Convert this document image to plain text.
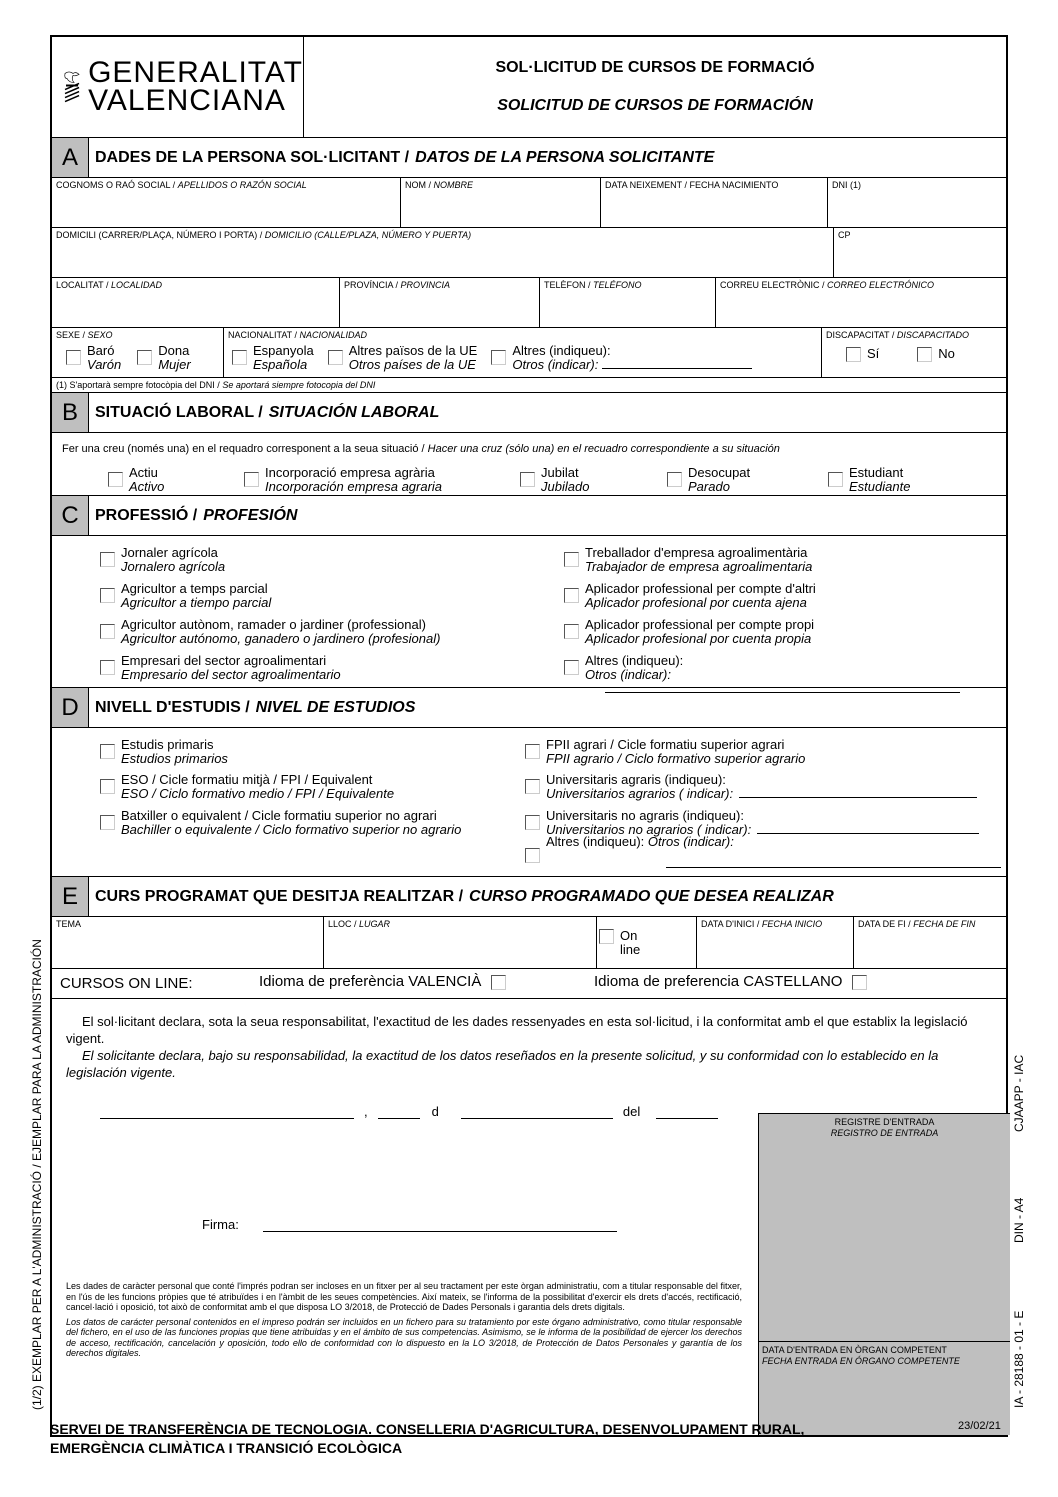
(1/2) EXEMPLAR PER A L'ADMINISTRACIÓ / EJEMPLAR PARA LA ADMINISTRACIÓN	CJAAPP - IAC
DIN - A4
IA - 28188 - 01 - E
GENERALITAT
VALENCIANA
SOL·LICITUD DE CURSOS DE FORMACIÓ
SOLICITUD DE CURSOS DE FORMACIÓN
A	DADES DE LA PERSONA SOL·LICITANT / DATOS DE LA PERSONA SOLICITANTE
COGNOMS O RAÓ SOCIAL / APELLIDOS O RAZÓN SOCIAL	NOM / NOMBRE	DATA NEIXEMENT / FECHA NACIMIENTO	DNI (1)
DOMICILI (CARRER/PLAÇA, NÚMERO I PORTA) / DOMICILIO (CALLE/PLAZA, NÚMERO Y PUERTA)	CP
LOCALITAT / LOCALIDAD	PROVÍNCIA / PROVINCIA	TELÈFON / TELÉFONO	CORREU ELECTRÒNIC / CORREO ELECTRÓNICO
SEXE / SEXO
Baró
Varón
Dona
Mujer
NACIONALITAT / NACIONALIDAD
Espanyola
Española
Altres països de la UE
Otros países de la UE
Altres (indiqueu):
Otros (indicar):
DISCAPACITAT / DISCAPACITADO
Sí	No
(1) S'aportarà sempre fotocòpia del DNI / Se aportará siempre fotocopia del DNI
B	SITUACIÓ LABORAL / SITUACIÓN LABORAL
Fer una creu (només una) en el requadro corresponent a la seua situació / Hacer una cruz (sólo una) en el recuadro correspondiente a su situación
Actiu
Activo
Incorporació empresa agrària
Incorporación empresa agraria
Jubilat
Jubilado
Desocupat
Parado
Estudiant
Estudiante
C	PROFESSIÓ / PROFESIÓN
Jornaler agrícola
Jornalero agrícola
Treballador d'empresa agroalimentària
Trabajador de empresa agroalimentaria
Agricultor a temps parcial
Agricultor a tiempo parcial
Aplicador professional per compte d'altri
Aplicador profesional por cuenta ajena
Agricultor autònom, ramader o jardiner (professional)
Agricultor autónomo, ganadero o jardinero (profesional)
Aplicador professional per compte propi
Aplicador profesional por cuenta propia
Empresari del sector agroalimentari
Empresario del sector agroalimentario
Altres (indiqueu):
Otros (indicar):
D	NIVELL D'ESTUDIS / NIVEL DE ESTUDIOS
Estudis primaris
Estudios primarios
FPII agrari / Cicle formatiu superior agrari
FPII agrario / Ciclo formativo superior agrario
ESO / Cicle formatiu mitjà / FPI / Equivalent
ESO / Ciclo formativo medio / FPI / Equivalente
Universitaris agraris (indiqueu):
Universitarios agrarios ( indicar):
Batxiller o equivalent / Cicle formatiu superior no agrari
Bachiller o equivalente / Ciclo formativo superior no agrario
Universitaris no agraris (indiqueu):
Universitarios no agrarios ( indicar):
Altres (indiqueu): Otros (indicar):
E	CURS PROGRAMAT QUE DESITJA REALITZAR / CURSO PROGRAMADO QUE DESEA REALIZAR
TEMA	LLOC / LUGAR
On line
DATA D'INICI / FECHA INICIO	DATA DE FI / FECHA DE FIN
CURSOS ON LINE:	Idioma de preferència VALENCIÀ	Idioma de preferencia CASTELLANO
El sol·licitant declara, sota la seua responsabilitat, l'exactitud de les dades ressenyades en esta sol·licitud, i la conformitat amb el que establix la legislació vigent.
El solicitante declara, bajo su responsabilidad, la exactitud de los datos reseñados en la presente solicitud, y su conformidad con lo establecido en la legislación vigente.
,	d	del
Firma:
Les dades de caràcter personal que conté l'imprés podran ser incloses en un fitxer per al seu tractament per este òrgan administratiu, com a titular responsable del fitxer, en l'ús de les funcions pròpies que té atribuïdes i en l'àmbit de les seues competències. Així mateix, se l'informa de la possibilitat d'exercir els drets d'accés, rectificació, cancel·lació i oposició, tot això de conformitat amb el que disposa LO 3/2018, de Protecció de Dades Personals i garantia dels drets digitals.
Los datos de carácter personal contenidos en el impreso podrán ser incluidos en un fichero para su tratamiento por este órgano administrativo, como titular responsable del fichero, en el uso de las funciones propias que tiene atribuidas y en el ámbito de sus competencias. Asimismo, se le informa de la posibilidad de ejercer los derechos de acceso, rectificación, cancelación y oposición, todo ello de conformidad con lo dispuesto en la LO 3/2018, de Protección de Datos Personales y garantía de los derechos digitales.
REGISTRE D'ENTRADA
REGISTRO DE ENTRADA
DATA D'ENTRADA EN ÒRGAN COMPETENT
FECHA ENTRADA EN ÓRGANO COMPETENTE
SERVEI DE TRANSFERÈNCIA DE TECNOLOGIA. CONSELLERIA D'AGRICULTURA, DESENVOLUPAMENT RURAL,
EMERGÈNCIA CLIMÀTICA I TRANSICIÓ ECOLÒGICA
23/02/21
